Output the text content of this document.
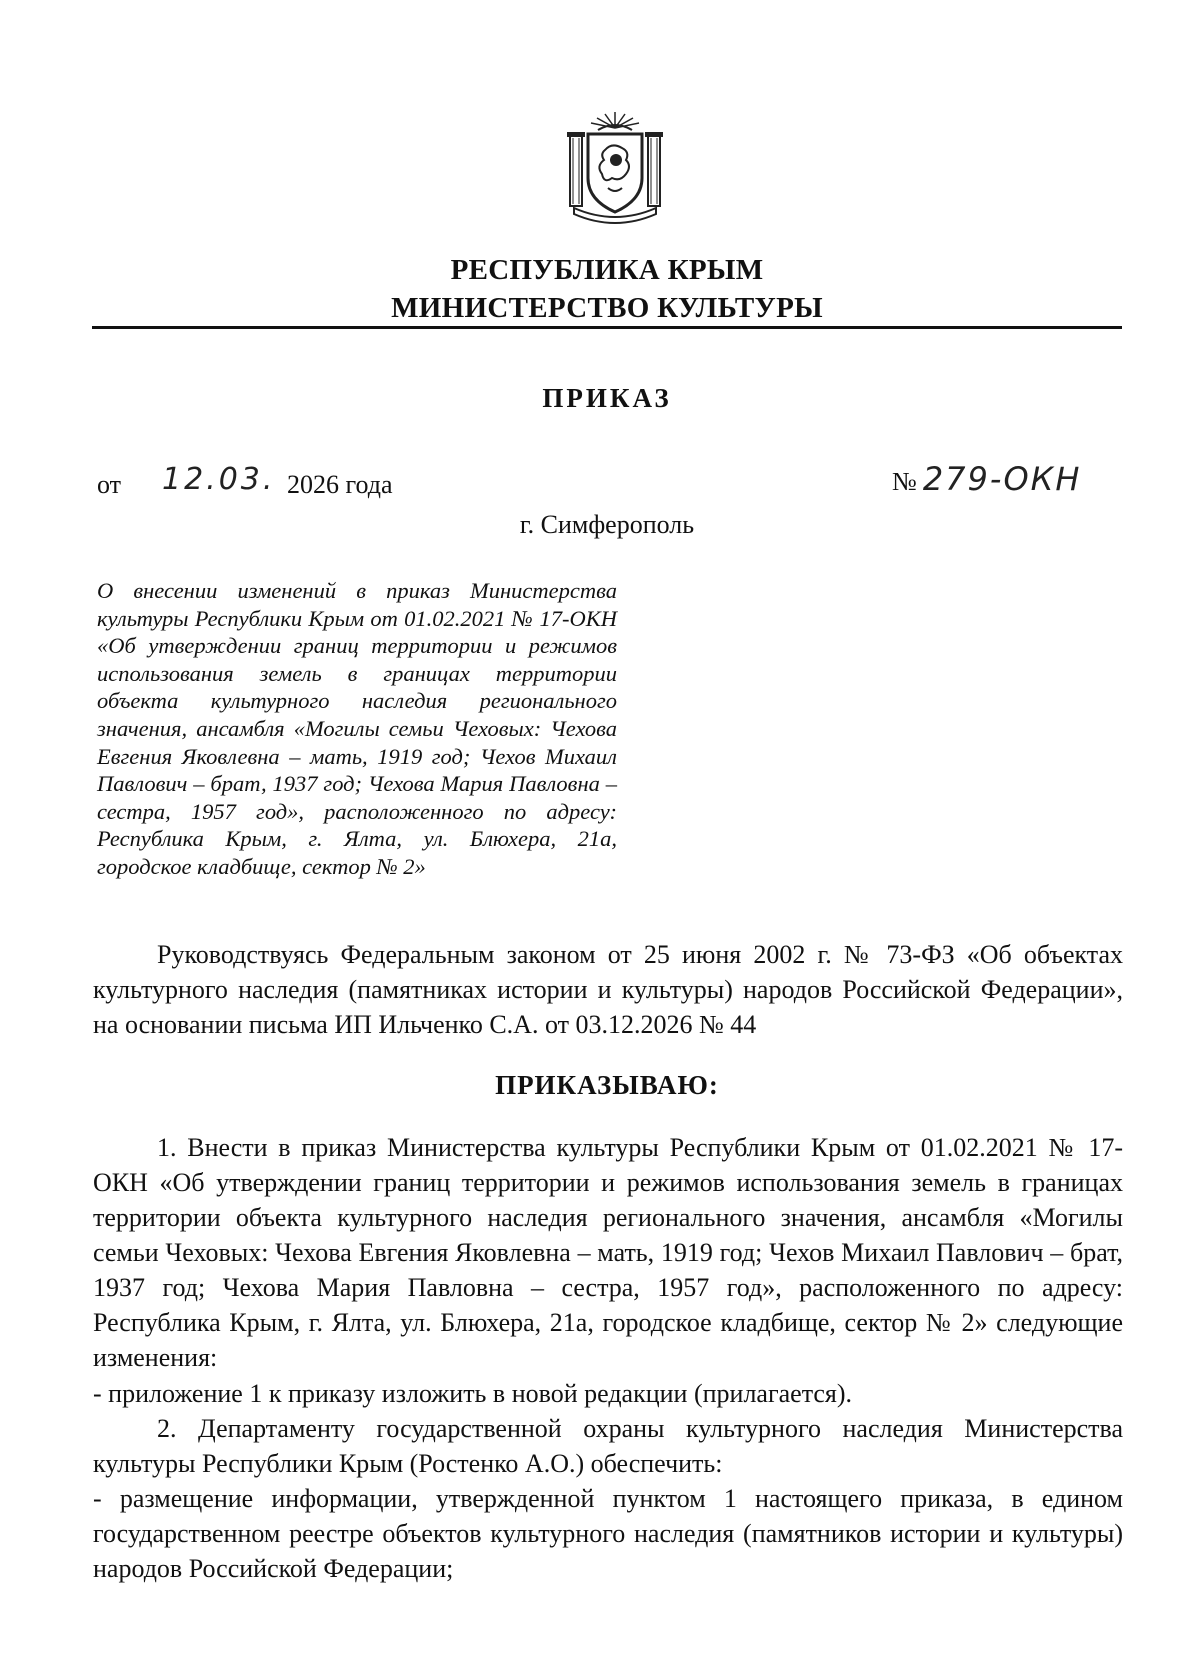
РЕСПУБЛИКА КРЫМ
МИНИСТЕРСТВО КУЛЬТУРЫ
ПРИКАЗ
от 12.03. 2026 года	№ 279-ОКН
г. Симферополь
О внесении изменений в приказ Министерства культуры Республики Крым от 01.02.2021 № 17-ОКН «Об утверждении границ территории и режимов использования земель в границах территории объекта культурного наследия регионального значения, ансамбля «Могилы семьи Чеховых: Чехова Евгения Яковлевна – мать, 1919 год; Чехов Михаил Павлович – брат, 1937 год; Чехова Мария Павловна – сестра, 1957 год», расположенного по адресу: Республика Крым, г. Ялта, ул. Блюхера, 21а, городское кладбище, сектор № 2»
Руководствуясь Федеральным законом от 25 июня 2002 г. № 73-ФЗ «Об объектах культурного наследия (памятниках истории и культуры) народов Российской Федерации», на основании письма ИП Ильченко С.А. от 03.12.2026 № 44
ПРИКАЗЫВАЮ:
1. Внести в приказ Министерства культуры Республики Крым от 01.02.2021 № 17-ОКН «Об утверждении границ территории и режимов использования земель в границах территории объекта культурного наследия регионального значения, ансамбля «Могилы семьи Чеховых: Чехова Евгения Яковлевна – мать, 1919 год; Чехов Михаил Павлович – брат, 1937 год; Чехова Мария Павловна – сестра, 1957 год», расположенного по адресу: Республика Крым, г. Ялта, ул. Блюхера, 21а, городское кладбище, сектор № 2» следующие изменения:
- приложение 1 к приказу изложить в новой редакции (прилагается).
2. Департаменту государственной охраны культурного наследия Министерства культуры Республики Крым (Ростенко А.О.) обеспечить:
- размещение информации, утвержденной пунктом 1 настоящего приказа, в едином государственном реестре объектов культурного наследия (памятников истории и культуры) народов Российской Федерации;
